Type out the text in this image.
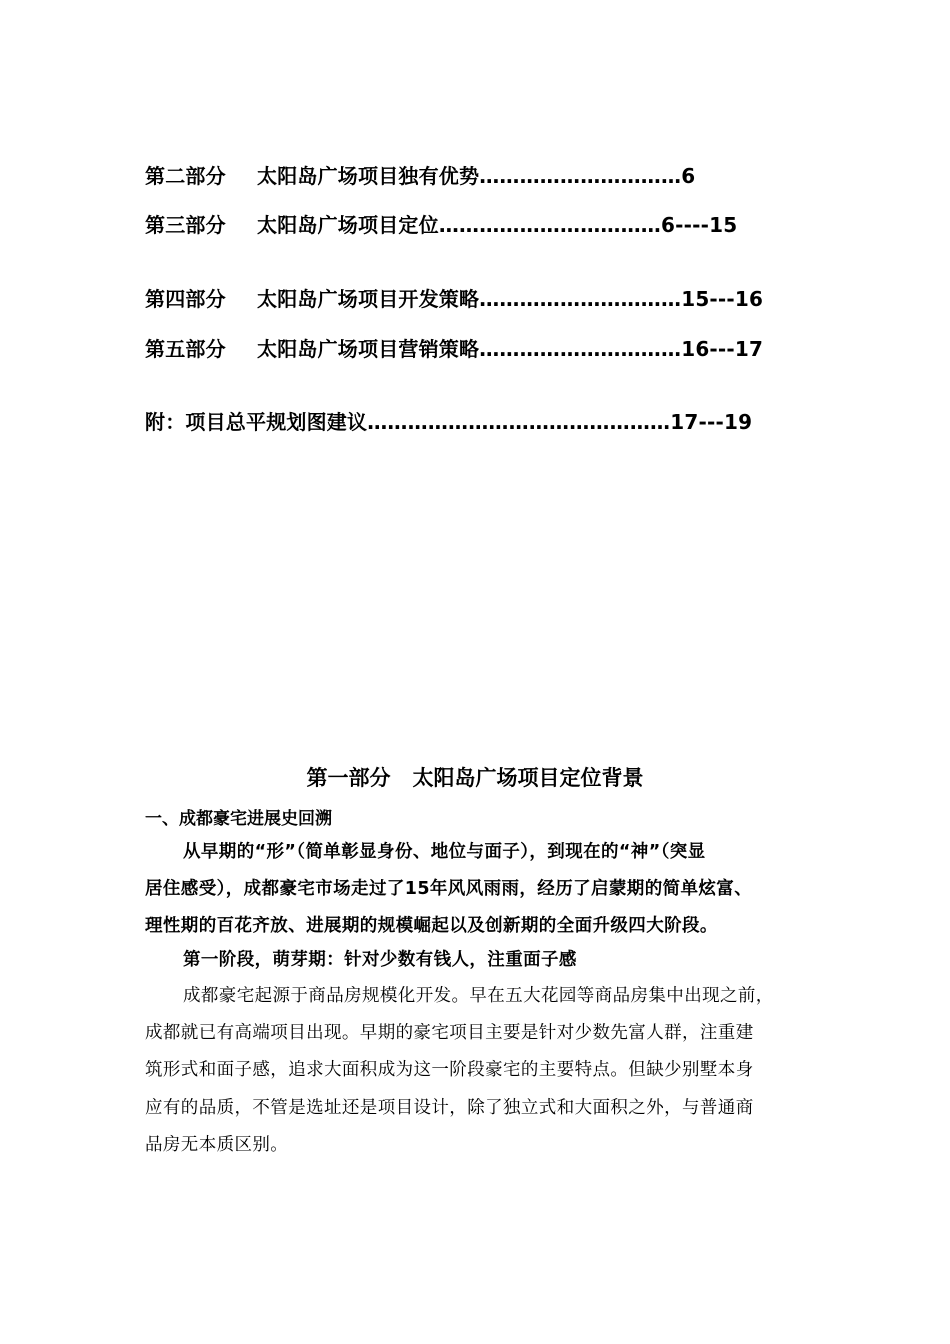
第二部分 太阳岛广场项目独有优势…………………………6
第三部分 太阳岛广场项目定位……………………………6----15
第四部分 太阳岛广场项目开发策略…………………………15---16
第五部分 太阳岛广场项目营销策略…………………………16---17
附：项目总平规划图建议………………………………………17---19
第一部分 太阳岛广场项目定位背景
一、成都豪宅进展史回溯
从早期的“形”（简单彰显身份、地位与面子），到现在的“神”（突显
居住感受），成都豪宅市场走过了15年风风雨雨，经历了启蒙期的简单炫富、
理性期的百花齐放、进展期的规模崛起以及创新期的全面升级四大阶段。
第一阶段，萌芽期：针对少数有钱人，注重面子感
成都豪宅起源于商品房规模化开发。早在五大花园等商品房集中出现之前，
成都就已有高端项目出现。早期的豪宅项目主要是针对少数先富人群，注重建
筑形式和面子感，追求大面积成为这一阶段豪宅的主要特点。但缺少别墅本身
应有的品质，不管是选址还是项目设计，除了独立式和大面积之外，与普通商
品房无本质区别。
